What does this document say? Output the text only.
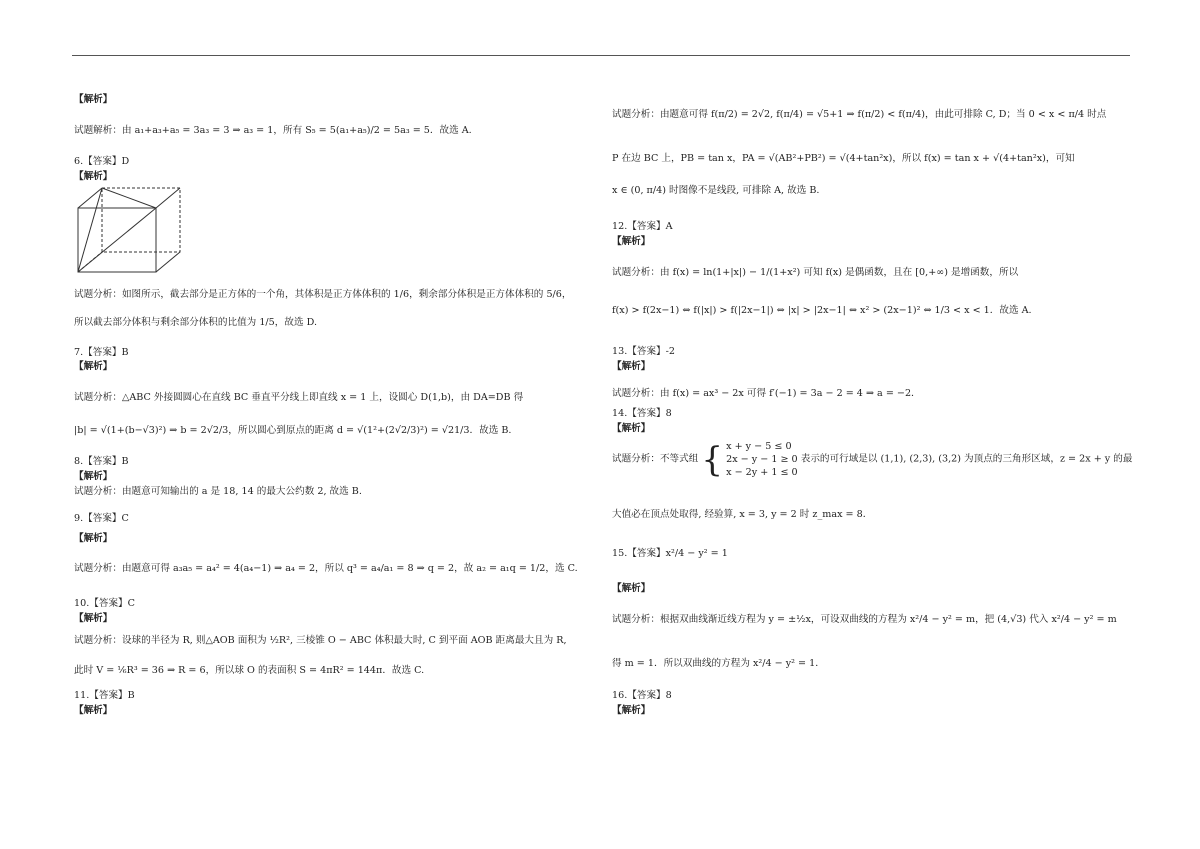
【解析】
试题解析：由 a₁+a₃+a₅ = 3a₃ = 3 ⇒ a₃ = 1，所有 S₅ = 5(a₁+a₅)/2 = 5a₃ = 5．故选 A.
6.【答案】D
【解析】
试题分析：如图所示，截去部分是正方体的一个角，其体积是正方体体积的 1/6，剩余部分体积是正方体体积的 5/6，
所以截去部分体积与剩余部分体积的比值为 1/5，故选 D.
7.【答案】B
【解析】
试题分析：△ABC 外接圆圆心在直线 BC 垂直平分线上即直线 x = 1 上，设圆心 D(1,b)，由 DA=DB 得
|b| = √(1+(b−√3)²) ⇒ b = 2√2/3，所以圆心到原点的距离 d = √(1²+(2√2/3)²) = √21/3．故选 B.
8.【答案】B
【解析】
试题分析：由题意可知输出的 a 是 18, 14 的最大公约数 2, 故选 B.
9.【答案】C
【解析】
试题分析：由题意可得 a₃a₅ = a₄² = 4(a₄−1) ⇒ a₄ = 2，所以 q³ = a₄/a₁ = 8 ⇒ q = 2，故 a₂ = a₁q = 1/2，选 C.
10.【答案】C
【解析】
试题分析：设球的半径为 R, 则△AOB 面积为 ½R², 三棱锥 O − ABC 体积最大时, C 到平面 AOB 距离最大且为 R,
此时 V = ⅙R³ = 36 ⇒ R = 6，所以球 O 的表面积 S = 4πR² = 144π．故选 C.
11.【答案】B
【解析】
试题分析：由题意可得 f(π/2) = 2√2, f(π/4) = √5+1 ⇒ f(π/2) < f(π/4)，由此可排除 C, D；当 0 < x < π/4 时点
P 在边 BC 上，PB = tan x，PA = √(AB²+PB²) = √(4+tan²x)，所以 f(x) = tan x + √(4+tan²x)，可知
x ∈ (0, π/4) 时图像不是线段, 可排除 A, 故选 B.
12.【答案】A
【解析】
试题分析：由 f(x) = ln(1+|x|) − 1/(1+x²) 可知 f(x) 是偶函数，且在 [0,+∞) 是增函数，所以
f(x) > f(2x−1) ⇔ f(|x|) > f(|2x−1|) ⇔ |x| > |2x−1| ⇔ x² > (2x−1)² ⇔ 1/3 < x < 1．故选 A.
13.【答案】-2
【解析】
试题分析：由 f(x) = ax³ − 2x 可得 f′(−1) = 3a − 2 = 4 ⇒ a = −2．
14.【答案】8
【解析】
试题分析：不等式组 { x + y − 5 ≤ 0
2x − y − 1 ≥ 0
x − 2y + 1 ≤ 0
表示的可行域是以 (1,1), (2,3), (3,2) 为顶点的三角形区域，z = 2x + y 的最
大值必在顶点处取得, 经验算, x = 3, y = 2 时 z_max = 8．
15.【答案】x²/4 − y² = 1
【解析】
试题分析：根据双曲线渐近线方程为 y = ±½x，可设双曲线的方程为 x²/4 − y² = m，把 (4,√3) 代入 x²/4 − y² = m
得 m = 1．所以双曲线的方程为 x²/4 − y² = 1．
16.【答案】8
【解析】
